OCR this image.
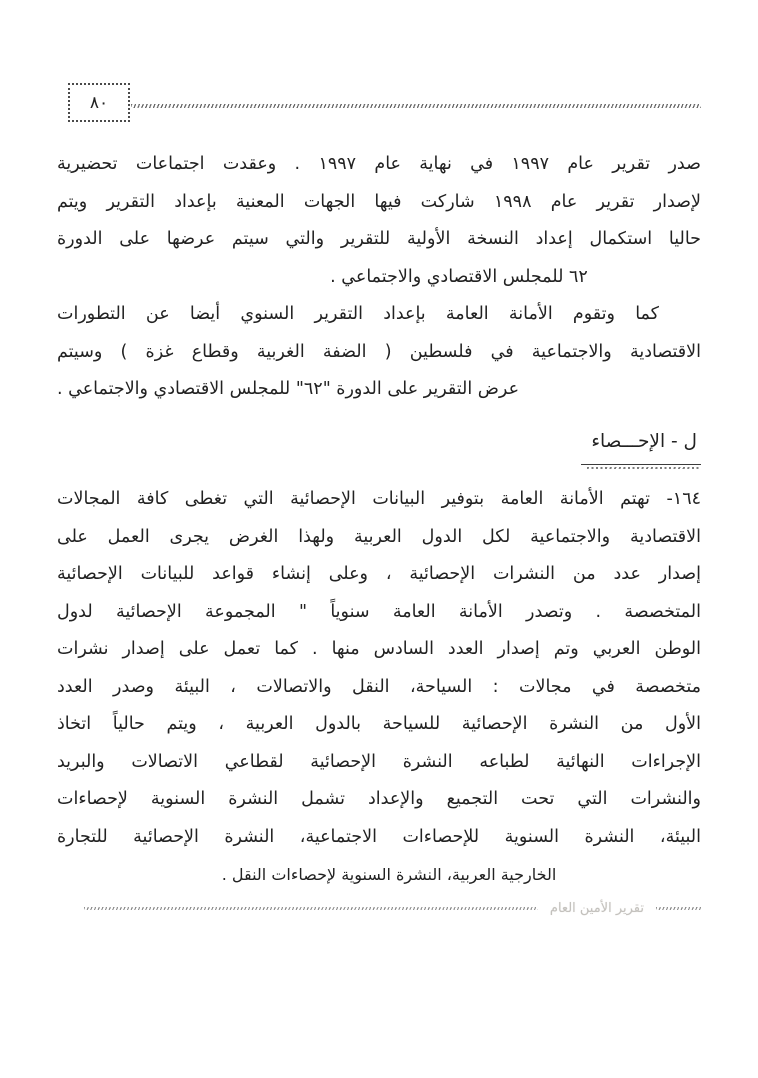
٨٠
صدر تقرير عام ١٩٩٧ في نهاية عام ١٩٩٧ . وعقدت اجتماعات تحضيرية
لإصدار تقرير عام ١٩٩٨ شاركت فيها الجهات المعنية بإعداد التقرير ويتم
حاليا استكمال إعداد النسخة الأولية للتقرير والتي سيتم عرضها على الدورة
٦٢ للمجلس الاقتصادي والاجتماعي .
كما وتقوم الأمانة العامة بإعداد التقرير السنوي أيضا عن التطورات
الاقتصادية والاجتماعية في فلسطين ( الضفة الغربية وقطاع غزة ) وسيتم
عرض التقرير على الدورة "٦٢" للمجلس الاقتصادي والاجتماعي .
ل - الإحـــصاء
١٦٤- تهتم الأمانة العامة بتوفير البيانات الإحصائية التي تغطى كافة المجالات
الاقتصادية والاجتماعية لكل الدول العربية ولهذا الغرض يجرى العمل على
إصدار عدد من النشرات الإحصائية ، وعلى إنشاء قواعد للبيانات الإحصائية
المتخصصة . وتصدر الأمانة العامة سنوياً " المجموعة الإحصائية لدول
الوطن العربي وتم إصدار العدد السادس منها . كما تعمل على إصدار نشرات
متخصصة في مجالات : السياحة، النقل والاتصالات ، البيئة وصدر العدد
الأول من النشرة الإحصائية للسياحة بالدول العربية ، ويتم حالياً اتخاذ
الإجراءات النهائية لطباعه النشرة الإحصائية لقطاعي الاتصالات والبريد
والنشرات التي تحت التجميع والإعداد تشمل النشرة السنوية لإحصاءات
البيئة، النشرة السنوية للإحصاءات الاجتماعية، النشرة الإحصائية للتجارة
الخارجية العربية، النشرة السنوية لإحصاءات النقل .
تقرير الأمين العام
